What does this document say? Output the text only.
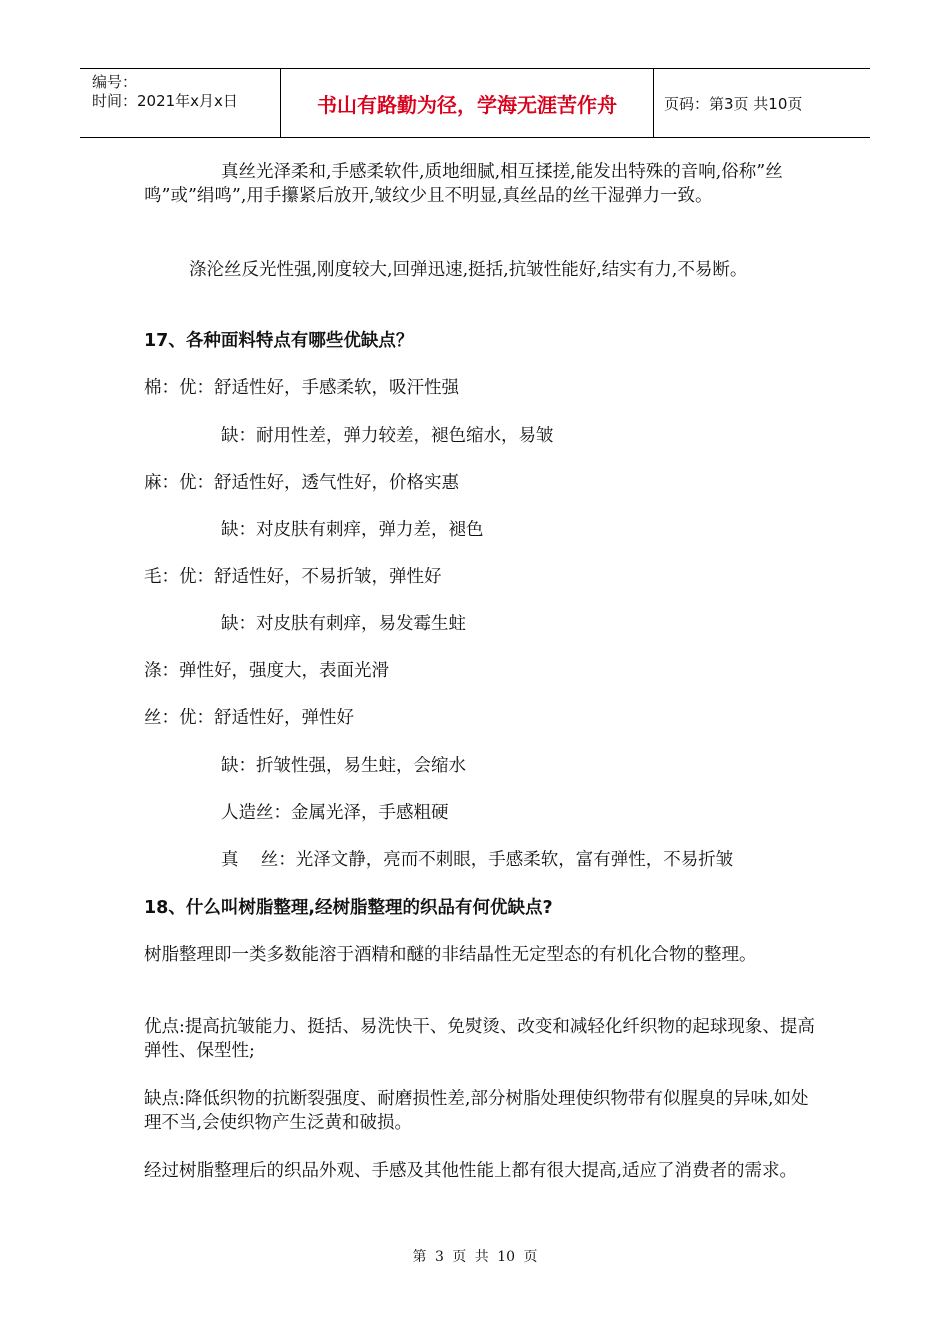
编号：
时间：2021年x月x日	书山有路勤为径，学海无涯苦作舟	页码：第3页 共10页

真丝光泽柔和,手感柔软件,质地细腻,相互揉搓,能发出特殊的音响,俗称”丝鸣”或”绢鸣”,用手攥紧后放开,皱纹少且不明显,真丝品的丝干湿弹力一致。

涤沦丝反光性强,刚度较大,回弹迅速,挺括,抗皱性能好,结实有力,不易断。

17、各种面料特点有哪些优缺点？

棉：优：舒适性好，手感柔软，吸汗性强

缺：耐用性差，弹力较差，褪色缩水，易皱

麻：优：舒适性好，透气性好，价格实惠

缺：对皮肤有刺痒，弹力差，褪色

毛：优：舒适性好，不易折皱，弹性好

缺：对皮肤有刺痒，易发霉生蛀

涤：弹性好，强度大，表面光滑

丝：优：舒适性好，弹性好

缺：折皱性强，易生蛀，会缩水

人造丝：金属光泽，手感粗硬

真    丝：光泽文静，亮而不刺眼，手感柔软，富有弹性，不易折皱

18、什么叫树脂整理,经树脂整理的织品有何优缺点?

树脂整理即一类多数能溶于酒精和醚的非结晶性无定型态的有机化合物的整理。

优点:提高抗皱能力、挺括、易洗快干、免熨烫、改变和减轻化纤织物的起球现象、提高弹性、保型性;

缺点:降低织物的抗断裂强度、耐磨损性差,部分树脂处理使织物带有似腥臭的异味,如处理不当,会使织物产生泛黄和破损。

经过树脂整理后的织品外观、手感及其他性能上都有很大提高,适应了消费者的需求。

第 3 页 共 10 页
